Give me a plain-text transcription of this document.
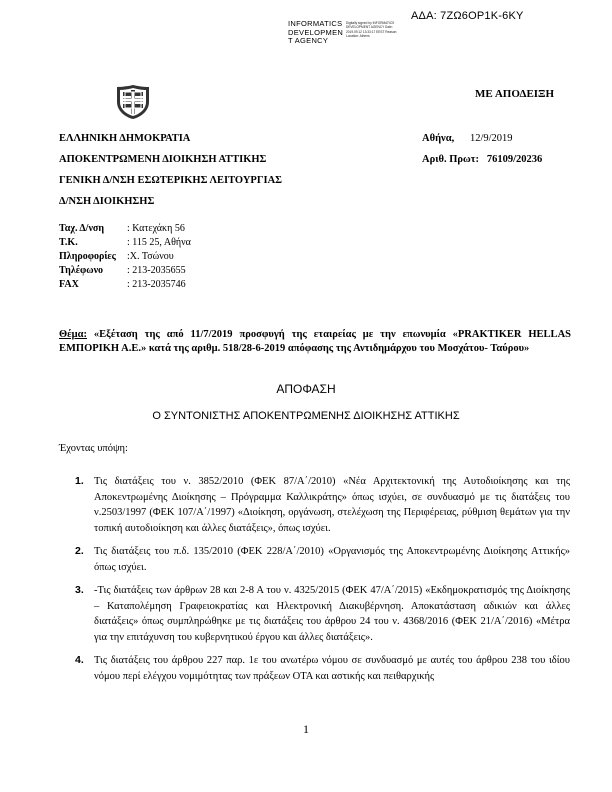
ΑΔΑ: 7ΖΩ6ΟΡ1Κ-6ΚΥ
INFORMATICS
DEVELOPMEN
T AGENCY
Digitally signed by INFORMATICS DEVELOPMENT AGENCY Date: 2019.09.12 13:33:17 EEST Reason: Location: Athens
ΜΕ ΑΠΟΔΕΙΞΗ
ΕΛΛΗΝΙΚΗ ΔΗΜΟΚΡΑΤΙΑ
ΑΠΟΚΕΝΤΡΩΜΕΝΗ ΔΙΟΙΚΗΣΗ ΑΤΤΙΚΗΣ
ΓΕΝΙΚΗ Δ/ΝΣΗ ΕΣΩΤΕΡΙΚΗΣ ΛΕΙΤΟΥΡΓΙΑΣ
Δ/ΝΣΗ ΔΙΟΙΚΗΣΗΣ
Αθήνα, 12/9/2019
Αριθ. Πρωτ: 76109/20236
Ταχ. Δ/νση	: Κατεχάκη 56
Τ.Κ.	: 115 25, Αθήνα
Πληροφορίες	:Χ. Τσώνου
Τηλέφωνο	: 213-2035655
FAX	: 213-2035746
Θέμα: «Εξέταση της από 11/7/2019 προσφυγή της εταιρείας με την επωνυμία «PRAKTIKER HELLAS ΕΜΠΟΡΙΚΗ Α.Ε.» κατά της αριθμ. 518/28-6-2019 απόφασης της Αντιδημάρχου του Μοσχάτου- Ταύρου»
ΑΠΟΦΑΣΗ
Ο ΣΥΝΤΟΝΙΣΤΗΣ ΑΠΟΚΕΝΤΡΩΜΕΝΗΣ ΔΙΟΙΚΗΣΗΣ ΑΤΤΙΚΗΣ
Έχοντας υπόψη:
1. Τις διατάξεις του ν. 3852/2010 (ΦΕΚ 87/Α΄/2010) «Νέα Αρχιτεκτονική της Αυτοδιοίκησης και της Αποκεντρωμένης Διοίκησης – Πρόγραμμα Καλλικράτης» όπως ισχύει, σε συνδυασμό με τις διατάξεις του ν.2503/1997 (ΦΕΚ 107/Α΄/1997) «Διοίκηση, οργάνωση, στελέχωση της Περιφέρειας, ρύθμιση θεμάτων για την τοπική αυτοδιοίκηση και άλλες διατάξεις», όπως ισχύει.
2. Τις διατάξεις του π.δ. 135/2010 (ΦΕΚ 228/Α΄/2010) «Οργανισμός της Αποκεντρωμένης Διοίκησης Αττικής» όπως ισχύει.
3. -Τις διατάξεις των άρθρων 28 και 2-8 Α του ν. 4325/2015 (ΦΕΚ 47/Α΄/2015) «Εκδημοκρατισμός της Διοίκησης – Καταπολέμηση Γραφειοκρατίας και Ηλεκτρονική Διακυβέρνηση. Αποκατάσταση αδικιών και άλλες διατάξεις» όπως συμπληρώθηκε με τις διατάξεις του άρθρου 24 του ν. 4368/2016 (ΦΕΚ 21/Α΄/2016) «Μέτρα για την επιτάχυνση του κυβερνητικού έργου και άλλες διατάξεις».
4. Τις διατάξεις του άρθρου 227 παρ. 1ε του ανωτέρω νόμου σε συνδυασμό με αυτές του άρθρου 238 του ιδίου νόμου περί ελέγχου νομιμότητας των πράξεων ΟΤΑ και αστικής και πειθαρχικής
1
